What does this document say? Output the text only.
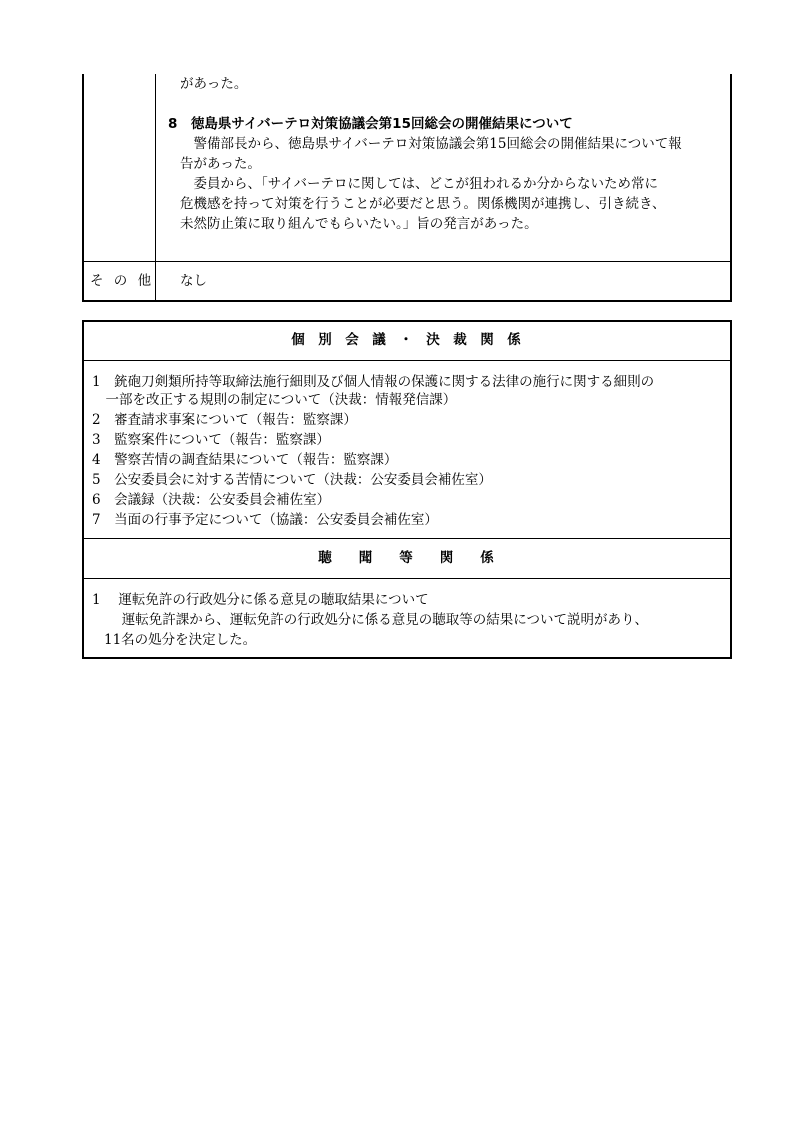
があった。
8　徳島県サイバーテロ対策協議会第15回総会の開催結果について
　警備部長から、徳島県サイバーテロ対策協議会第15回総会の開催結果について報
告があった。
　委員から、「サイバーテロに関しては、どこが狙われるか分からないため常に
危機感を持って対策を行うことが必要だと思う。関係機関が連携し、引き続き、
未然防止策に取り組んでもらいたい。」旨の発言があった。
そ の 他 なし
個　別　会　議　・　決　裁　関　係
1　銃砲刀剣類所持等取締法施行細則及び個人情報の保護に関する法律の施行に関する細則の
　一部を改正する規則の制定について（決裁：情報発信課）
2　審査請求事案について（報告：監察課）
3　監察案件について（報告：監察課）
4　警察苦情の調査結果について（報告：監察課）
5　公安委員会に対する苦情について（決裁：公安委員会補佐室）
6　会議録（決裁：公安委員会補佐室）
7　当面の行事予定について（協議：公安委員会補佐室）
聴　　聞　　等　　関　　係
1　 運転免許の行政処分に係る意見の聴取結果について
　 運転免許課から、運転免許の行政処分に係る意見の聴取等の結果について説明があり、
11名の処分を決定した。
